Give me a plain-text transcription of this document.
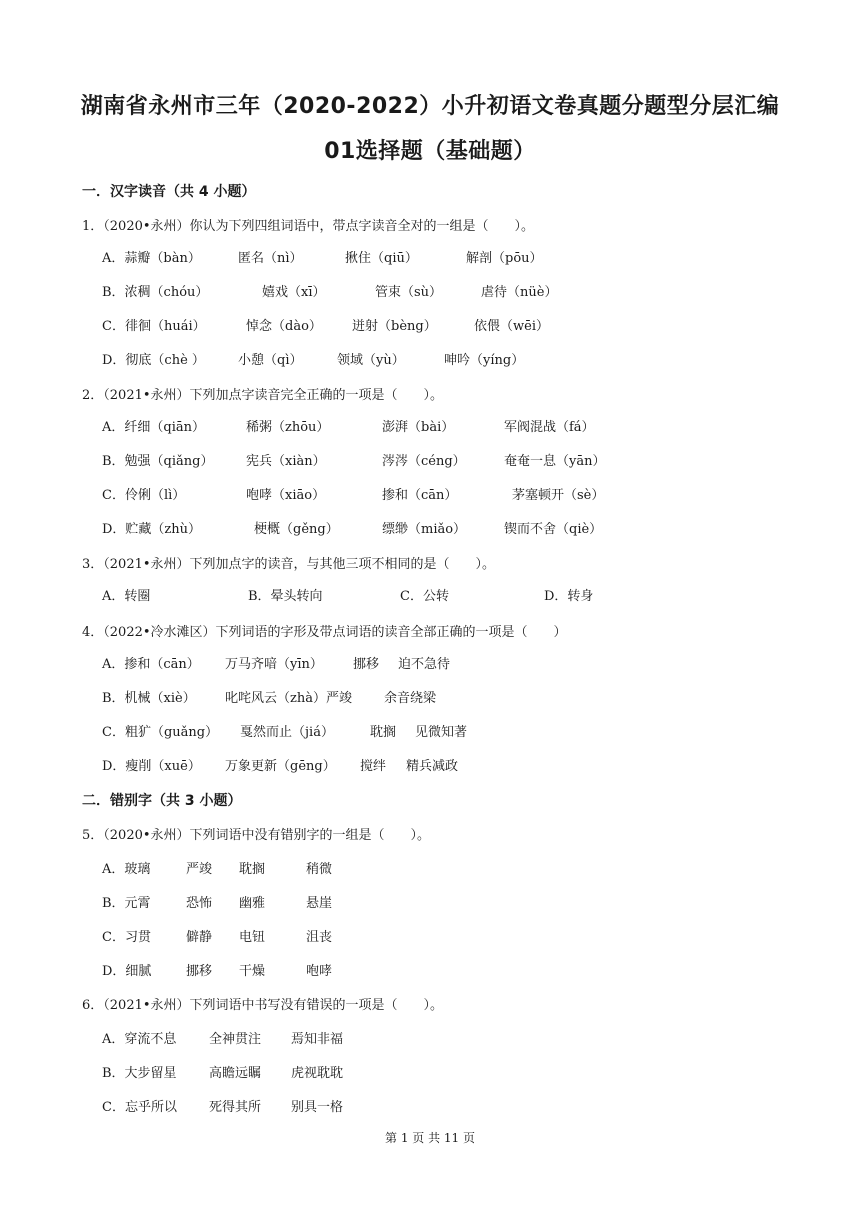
湖南省永州市三年（2020-2022）小升初语文卷真题分题型分层汇编
01选择题（基础题）
一．汉字读音（共 4 小题）
1．（2020•永州）你认为下列四组词语中，带点字读音全对的一组是（　　）。
A．蒜瓣（bàn）	匿名（nì）	揪住（qiū）	解剖（pōu）
B．浓稠（chóu）	嬉戏（xī）	管束（sù）	虐待（nüè）
C．徘徊（huái）	悼念（dào） 迸射（bèng）	依偎（wēi）
D．彻底（chè ）	小憩（qì）	领域（yù）	呻吟（yíng）
2．（2021•永州）下列加点字读音完全正确的一项是（　　）。
A．纤细（qiān）	稀粥（zhōu）	澎湃（bài）	军阀混战（fá）
B．勉强（qiǎng）	宪兵（xiàn）	涔涔（céng）	奄奄一息（yān）
C．伶俐（lì）	咆哮（xiāo）	掺和（cān）	茅塞顿开（sè）
D．贮藏（zhù）	梗概（gěng）	缥缈（miǎo）	锲而不舍（qiè）
3．（2021•永州）下列加点字的读音，与其他三项不相同的是（　　）。
A．转圈	B．晕头转向	C．公转	D．转身
4．（2022•冷水滩区）下列词语的字形及带点词语的读音全部正确的一项是（　　）
A．掺和（cān） 万马齐喑（yīn） 挪移 迫不急待
B．机械（xiè） 叱咤风云（zhà）严竣 余音绕梁
C．粗犷（guǎng） 戛然而止（jiá）	耽搁 见微知著
D．瘦削（xuē） 万象更新（gēng） 搅绊 精兵减政
二．错别字（共 3 小题）
5．（2020•永州）下列词语中没有错别字的一组是（　　）。
A．玻璃	严竣 耽搁	稍微
B．元霄	恐怖 幽雅	悬崖
C．习贯	僻静 电钮	沮丧
D．细腻	挪移 干燥	咆哮
6．（2021•永州）下列词语中书写没有错误的一项是（　　）。
A．穿流不息	全神贯注 焉知非福
B．大步留星 高瞻远瞩 虎视耽耽
C．忘乎所以 死得其所 别具一格
第 1 页 共 11 页
